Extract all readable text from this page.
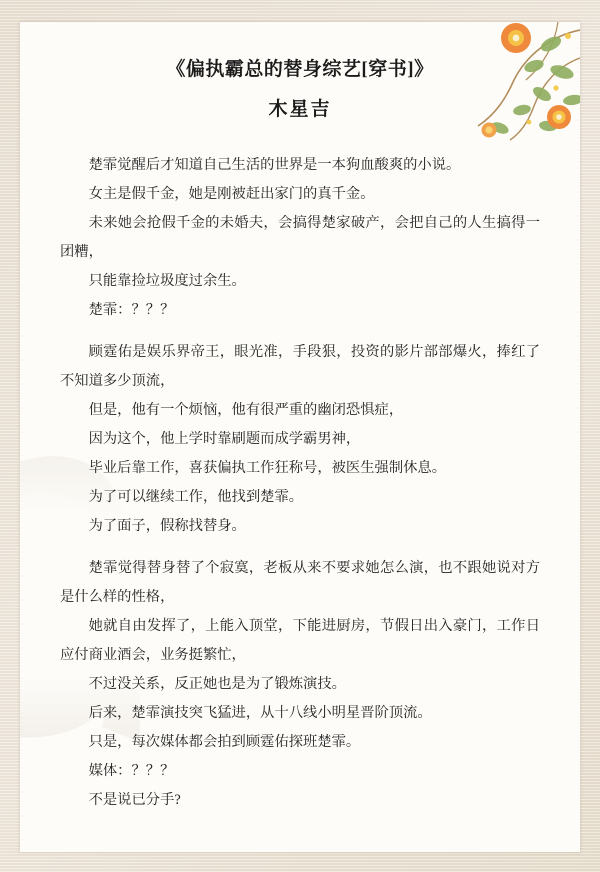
《偏执霸总的替身综艺[穿书]》
木星吉

楚霏觉醒后才知道自己生活的世界是一本狗血酸爽的小说。

女主是假千金，她是刚被赶出家门的真千金。

未来她会抢假千金的未婚夫，会搞得楚家破产，会把自己的人生搞得一团糟，

只能靠捡垃圾度过余生。

楚霏：？？？

顾霆佑是娱乐界帝王，眼光准，手段狠，投资的影片部部爆火，捧红了不知道多少顶流，

但是，他有一个烦恼，他有很严重的幽闭恐惧症，

因为这个，他上学时靠刷题而成学霸男神，

毕业后靠工作，喜获偏执工作狂称号，被医生强制休息。

为了可以继续工作，他找到楚霏。

为了面子，假称找替身。

楚霏觉得替身替了个寂寞，老板从来不要求她怎么演，也不跟她说对方是什么样的性格，

她就自由发挥了，上能入顶堂，下能进厨房，节假日出入豪门，工作日应付商业酒会，业务挺繁忙，

不过没关系，反正她也是为了锻炼演技。

后来，楚霏演技突飞猛进，从十八线小明星晋阶顶流。

只是，每次媒体都会拍到顾霆佑探班楚霏。

媒体：？？？

不是说已分手?
